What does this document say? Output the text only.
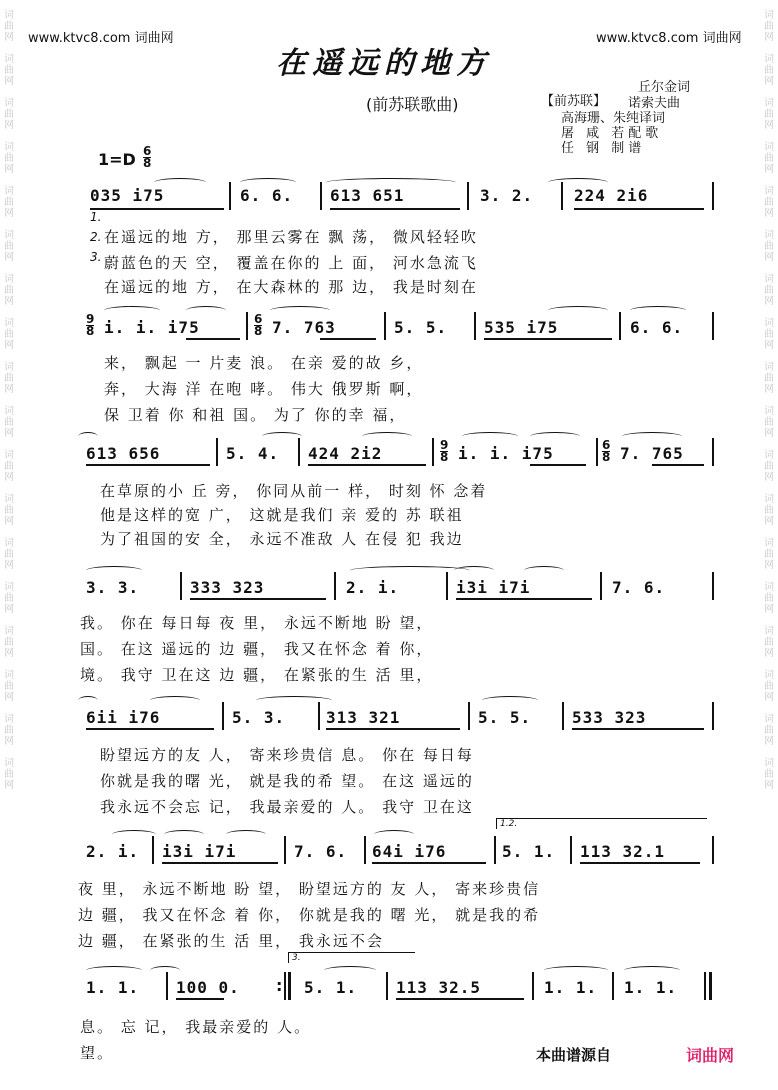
词曲网

词曲网

词曲网

词曲网

词曲网

词曲网

词曲网

词曲网

词曲网

词曲网

词曲网

词曲网

词曲网

词曲网

词曲网

词曲网

词曲网

词曲网
词曲网

词曲网

词曲网

词曲网

词曲网

词曲网

词曲网

词曲网

词曲网

词曲网

词曲网

词曲网

词曲网

词曲网

词曲网

词曲网

词曲网

词曲网
www.ktvc8.com 词曲网	www.ktvc8.com 词曲网
在遥远的地方
(前苏联歌曲)	【前苏联】
丘尔金词
诺索夫曲
高海珊、朱纯译词
屠 咸 若配歌
任 钢 制谱
1=D 6
8
035 i75	6. 6. 613 651	3. 2.	224 2i6
1.
2.
3.
在遥远的地 方， 那里云雾在 飘 荡， 微风轻轻吹
蔚蓝色的天 空， 覆盖在你的 上 面， 河水急流飞
在遥远的地 方， 在大森林的 那 边， 我是时刻在
9
8 i. i. i75	6
8 7. 763	5. 5. 535 i75	6. 6.
来， 飘起 一 片麦 浪。 在亲 爱的故 乡，
奔， 大海 洋 在咆 哮。 伟大 俄罗斯 啊，
保 卫着 你 和祖 国。 为了 你的幸 福，
613 656	5. 4. 424 2i2	9
8 i. i. i75	6
8 7. 765
在草原的小 丘 旁， 你同从前一 样， 时刻 怀 念着
他是这样的宽 广， 这就是我们 亲 爱的 苏 联祖
为了祖国的安 全， 永远不准敌 人 在侵 犯 我边
3. 3.	333 323	2. i.	i3i i7i	7. 6.
我。 你在 每日每 夜 里， 永远不断地 盼 望，
国。 在这 遥远的 边 疆， 我又在怀念 着 你，
境。 我守 卫在这 边 疆， 在紧张的生 活 里，
6ii i76	5. 3.	313 321	5. 5.	533 323
盼望远方的友 人， 寄来珍贵信 息。 你在 每日每
你就是我的曙 光， 就是我的希 望。 在这 遥远的
我永远不会忘 记， 我最亲爱的 人。 我守 卫在这
1.2.
2. i. i3i i7i	7. 6. 64i i76	5. 1. 113 32.1
夜 里， 永远不断地 盼 望， 盼望远方的 友 人， 寄来珍贵信
边 疆， 我又在怀念 着 你， 你就是我的 曙 光， 就是我的希
边 疆， 在紧张的生 活 里， 我永远不会
3.
1. 1. 100 0. : 5. 1. 113 32.5	1. 1. 1. 1.
息。 忘 记， 我最亲爱的 人。
望。	本曲谱源自	词曲网
